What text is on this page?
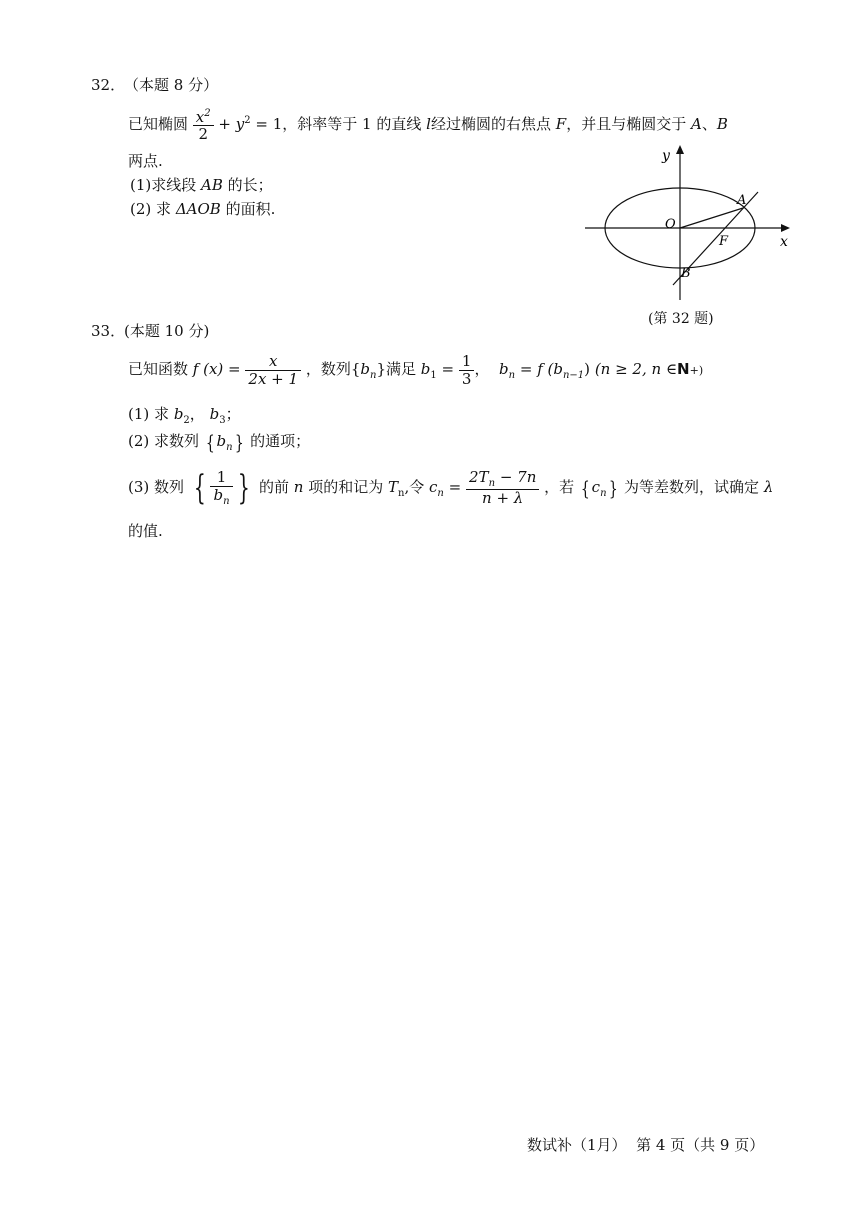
32．
（本题 8 分）
已知椭圆 $\frac{x^2}{2} + y^2 = 1$，斜率等于 1 的直线 l经过椭圆的右焦点 F，并且与椭圆交于 A、B
两点.
(1)求线段 AB 的长；
(2) 求 ΔAOB 的面积.
y
x
O
A
F
B
(第 32 题)
33．
(本题 10 分)
已知函数 f $(x) = \frac{x}{2x + 1}$ ，数列$\{b_n\}$满足 $b_1 = \frac{1}{3}$ ， $b_n = f$ $(b_{n-1}) (n \ge 2$, n ∈N+)
(1) 求 $b_2$， $b_3$；
(2) 求数列 { $b_n$} 的通项；
(3) 数列 { $\frac{1}{b_n}$ } 的前 n 项的和记为 $T_n$,令 $c_n = \frac{2T_n - 7n}{n + \lambda}$ ，若 { $c_n$} 为等差数列，试确定 λ
的值.
数试补（1月）  第 4 页（共 9 页）
